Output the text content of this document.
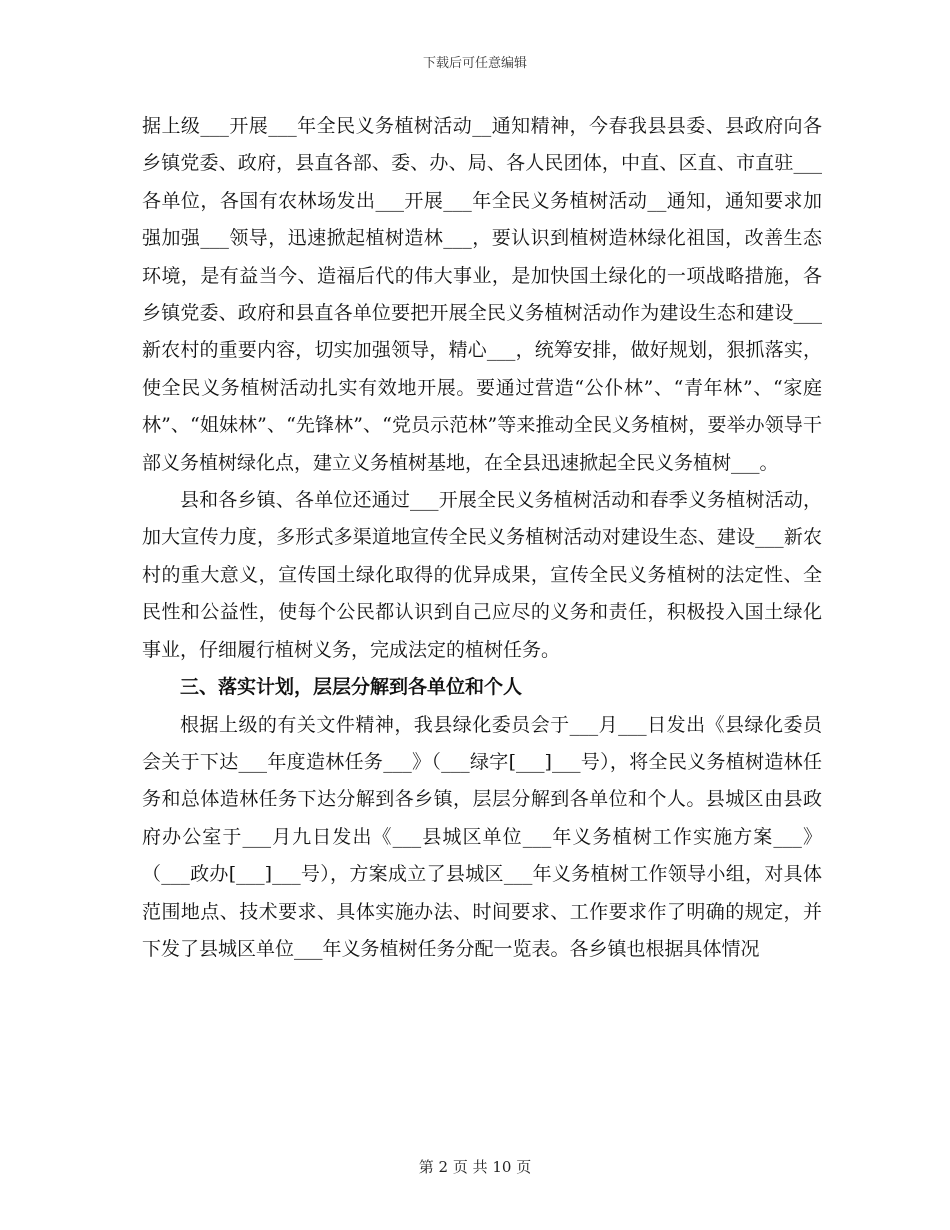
下载后可任意编辑

据上级___开展___年全民义务植树活动__通知精神，今春我县县委、县政府向各乡镇党委、政府，县直各部、委、办、局、各人民团体，中直、区直、市直驻___各单位，各国有农林场发出___开展___年全民义务植树活动__通知，通知要求加强加强___领导，迅速掀起植树造林___，要认识到植树造林绿化祖国，改善生态环境，是有益当今、造福后代的伟大事业，是加快国土绿化的一项战略措施，各乡镇党委、政府和县直各单位要把开展全民义务植树活动作为建设生态和建设___新农村的重要内容，切实加强领导，精心___，统筹安排，做好规划，狠抓落实，使全民义务植树活动扎实有效地开展。要通过营造“公仆林”、“青年林”、“家庭林”、“姐妹林”、“先锋林”、“党员示范林”等来推动全民义务植树，要举办领导干部义务植树绿化点，建立义务植树基地，在全县迅速掀起全民义务植树___。

县和各乡镇、各单位还通过___开展全民义务植树活动和春季义务植树活动，加大宣传力度，多形式多渠道地宣传全民义务植树活动对建设生态、建设___新农村的重大意义，宣传国土绿化取得的优异成果，宣传全民义务植树的法定性、全民性和公益性，使每个公民都认识到自己应尽的义务和责任，积极投入国土绿化事业，仔细履行植树义务，完成法定的植树任务。

三、落实计划，层层分解到各单位和个人

根据上级的有关文件精神，我县绿化委员会于___月___日发出《县绿化委员会关于下达___年度造林任务___》（___绿字[___]___号），将全民义务植树造林任务和总体造林任务下达分解到各乡镇，层层分解到各单位和个人。县城区由县政府办公室于___月九日发出《___县城区单位___年义务植树工作实施方案___》（___政办[___]___号），方案成立了县城区___年义务植树工作领导小组，对具体范围地点、技术要求、具体实施办法、时间要求、工作要求作了明确的规定，并下发了县城区单位___年义务植树任务分配一览表。各乡镇也根据具体情况

第 2 页 共 10 页
